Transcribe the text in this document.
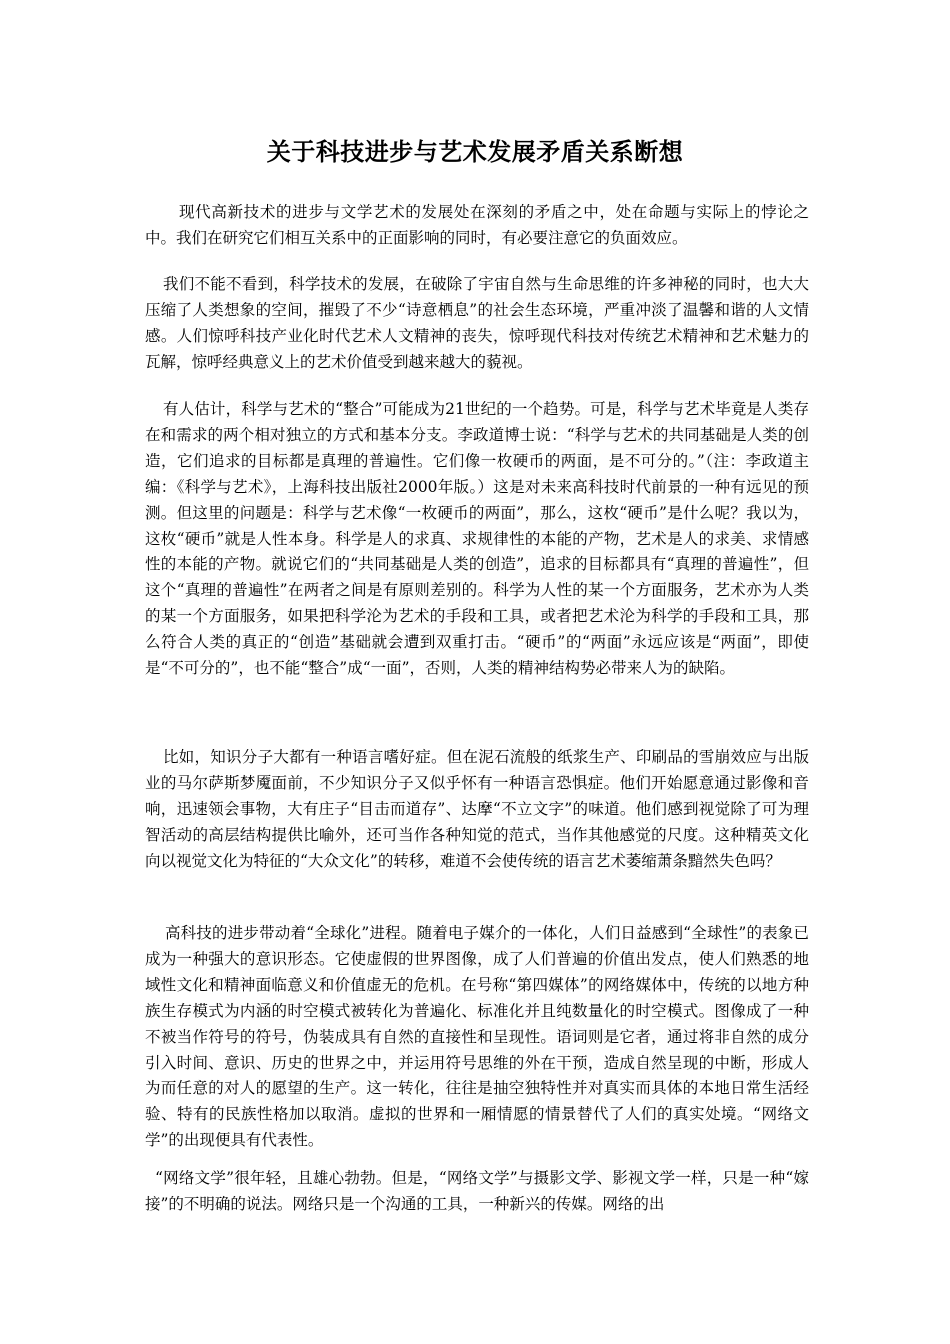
关于科技进步与艺术发展矛盾关系断想

现代高新技术的进步与文学艺术的发展处在深刻的矛盾之中，处在命题与实际上的悖论之中。我们在研究它们相互关系中的正面影响的同时，有必要注意它的负面效应。

我们不能不看到，科学技术的发展，在破除了宇宙自然与生命思维的许多神秘的同时，也大大压缩了人类想象的空间，摧毁了不少“诗意栖息”的社会生态环境，严重冲淡了温馨和谐的人文情感。人们惊呼科技产业化时代艺术人文精神的丧失，惊呼现代科技对传统艺术精神和艺术魅力的瓦解，惊呼经典意义上的艺术价值受到越来越大的藐视。

有人估计，科学与艺术的“整合”可能成为21世纪的一个趋势。可是，科学与艺术毕竟是人类存在和需求的两个相对独立的方式和基本分支。李政道博士说：“科学与艺术的共同基础是人类的创造，它们追求的目标都是真理的普遍性。它们像一枚硬币的两面，是不可分的。”（注：李政道主编：《科学与艺术》，上海科技出版社2000年版。）这是对未来高科技时代前景的一种有远见的预测。但这里的问题是：科学与艺术像“一枚硬币的两面”，那么，这枚“硬币”是什么呢？我以为，这枚“硬币”就是人性本身。科学是人的求真、求规律性的本能的产物，艺术是人的求美、求情感性的本能的产物。就说它们的“共同基础是人类的创造”，追求的目标都具有“真理的普遍性”，但这个“真理的普遍性”在两者之间是有原则差别的。科学为人性的某一个方面服务，艺术亦为人类的某一个方面服务，如果把科学沦为艺术的手段和工具，或者把艺术沦为科学的手段和工具，那么符合人类的真正的“创造”基础就会遭到双重打击。“硬币”的“两面”永远应该是“两面”，即使是“不可分的”，也不能“整合”成“一面”，否则，人类的精神结构势必带来人为的缺陷。

比如，知识分子大都有一种语言嗜好症。但在泥石流般的纸浆生产、印刷品的雪崩效应与出版业的马尔萨斯梦魇面前，不少知识分子又似乎怀有一种语言恐惧症。他们开始愿意通过影像和音响，迅速领会事物，大有庄子“目击而道存”、达摩“不立文字”的味道。他们感到视觉除了可为理智活动的高层结构提供比喻外，还可当作各种知觉的范式，当作其他感觉的尺度。这种精英文化向以视觉文化为特征的“大众文化”的转移，难道不会使传统的语言艺术萎缩萧条黯然失色吗？

高科技的进步带动着“全球化”进程。随着电子媒介的一体化，人们日益感到“全球性”的表象已成为一种强大的意识形态。它使虚假的世界图像，成了人们普遍的价值出发点，使人们熟悉的地域性文化和精神面临意义和价值虚无的危机。在号称“第四媒体”的网络媒体中，传统的以地方种族生存模式为内涵的时空模式被转化为普遍化、标准化并且纯数量化的时空模式。图像成了一种不被当作符号的符号，伪装成具有自然的直接性和呈现性。语词则是它者，通过将非自然的成分引入时间、意识、历史的世界之中，并运用符号思维的外在干预，造成自然呈现的中断，形成人为而任意的对人的愿望的生产。这一转化，往往是抽空独特性并对真实而具体的本地日常生活经验、特有的民族性格加以取消。虚拟的世界和一厢情愿的情景替代了人们的真实处境。“网络文学”的出现便具有代表性。

“网络文学”很年轻，且雄心勃勃。但是，“网络文学”与摄影文学、影视文学一样，只是一种“嫁接”的不明确的说法。网络只是一个沟通的工具，一种新兴的传媒。网络的出
